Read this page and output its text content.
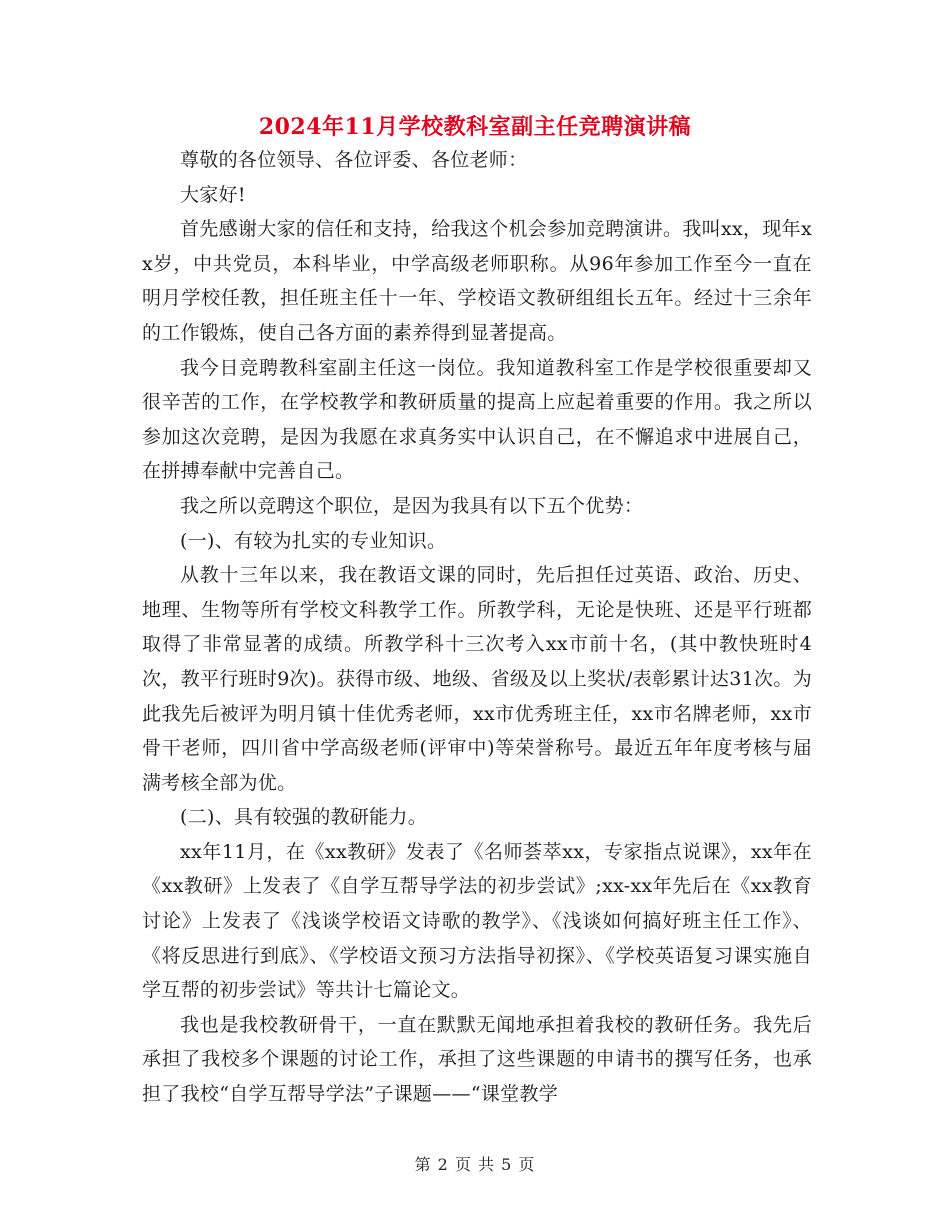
2024年11月学校教科室副主任竞聘演讲稿

尊敬的各位领导、各位评委、各位老师：

大家好!

首先感谢大家的信任和支持，给我这个机会参加竞聘演讲。我叫xx，现年xx岁，中共党员，本科毕业，中学高级老师职称。从96年参加工作至今一直在明月学校任教，担任班主任十一年、学校语文教研组组长五年。经过十三余年的工作锻炼，使自己各方面的素养得到显著提高。

我今日竞聘教科室副主任这一岗位。我知道教科室工作是学校很重要却又很辛苦的工作，在学校教学和教研质量的提高上应起着重要的作用。我之所以参加这次竞聘，是因为我愿在求真务实中认识自己，在不懈追求中进展自己，在拼搏奉献中完善自己。

我之所以竞聘这个职位，是因为我具有以下五个优势：

(一)、有较为扎实的专业知识。

从教十三年以来，我在教语文课的同时，先后担任过英语、政治、历史、地理、生物等所有学校文科教学工作。所教学科，无论是快班、还是平行班都取得了非常显著的成绩。所教学科十三次考入xx市前十名，(其中教快班时4次，教平行班时9次)。获得市级、地级、省级及以上奖状/表彰累计达31次。为此我先后被评为明月镇十佳优秀老师，xx市优秀班主任，xx市名牌老师，xx市骨干老师，四川省中学高级老师(评审中)等荣誉称号。最近五年年度考核与届满考核全部为优。

(二)、具有较强的教研能力。

xx年11月，在《xx教研》发表了《名师荟萃xx，专家指点说课》，xx年在《xx教研》上发表了《自学互帮导学法的初步尝试》;xx-xx年先后在《xx教育讨论》上发表了《浅谈学校语文诗歌的教学》、《浅谈如何搞好班主任工作》、《将反思进行到底》、《学校语文预习方法指导初探》、《学校英语复习课实施自学互帮的初步尝试》等共计七篇论文。

我也是我校教研骨干，一直在默默无闻地承担着我校的教研任务。我先后承担了我校多个课题的讨论工作，承担了这些课题的申请书的撰写任务，也承担了我校“自学互帮导学法”子课题——“课堂教学

第 2 页 共 5 页
